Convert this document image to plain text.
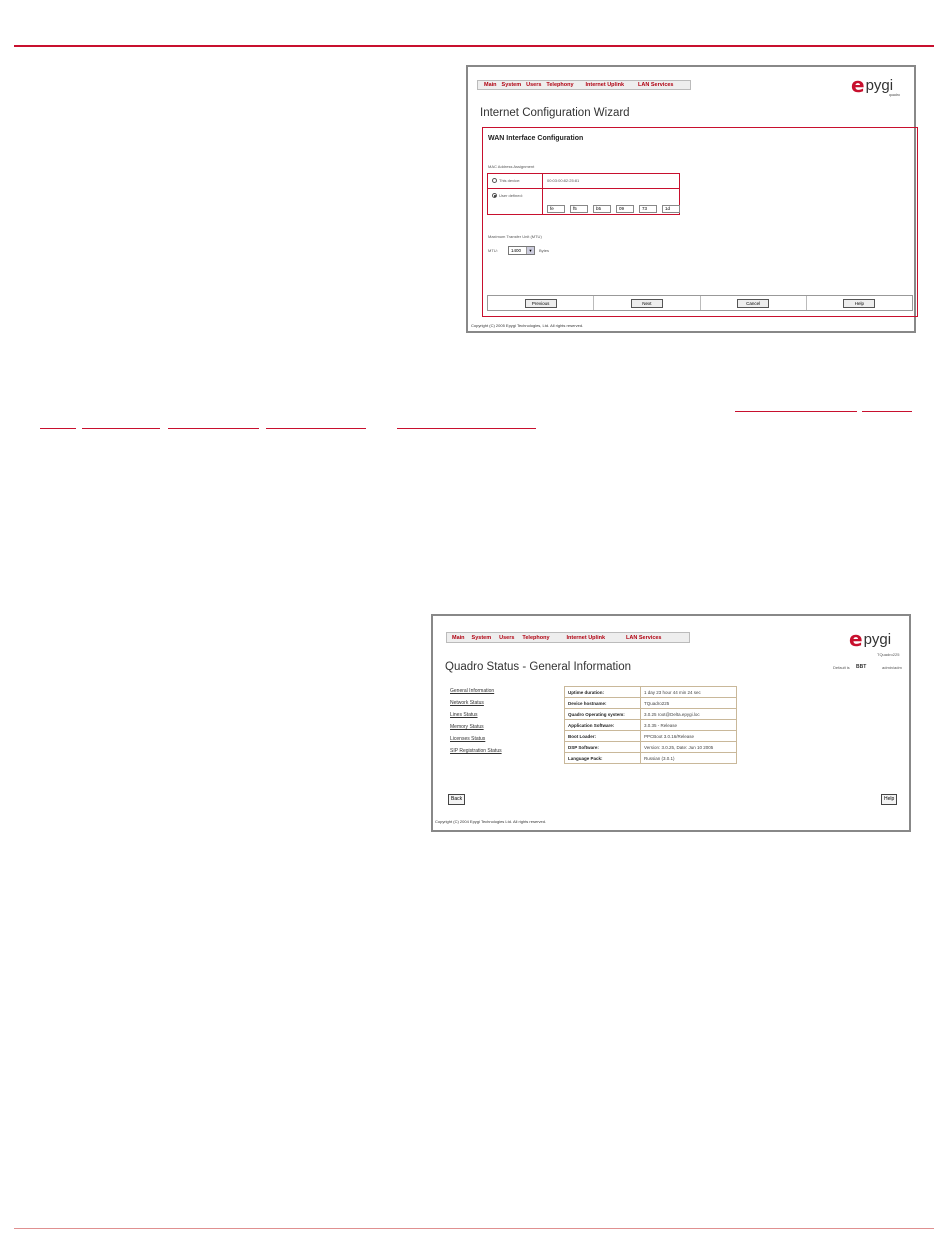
Main System Users Telephony Internet Uplink	LAN Services	e pygi
quadro
Internet Configuration Wizard
WAN Interface Configuration
MAC Address Assignment
This device:	00:03:00:82:25:81
User defined:
fe	f5	b5	09	73	1d
Maximum Transfer Unit (MTU)
MTU:	1400	▼	Bytes
Previous	Next	Cancel	Help
Copyright (C) 2005 Epygi Technologies, Ltd. All rights reserved.
Main System Users Telephony	Internet Uplink	LAN Services	e pygi
TQuadro225
Default is BBT	admin/adm
Quadro Status - General Information
General Information
Network Status
Lines Status
Memory Status
Licenses Status
SIP Registration Status
Uptime duration:	1 day 23 hour 44 min 24 sec
Device hostname:	TQuadro225
Quadro Operating system:	3.0.25 root@Delta.epygi.loc
Application Software:	3.0.35 - Release
Boot Loader:	PPCBoot 3.0.16/Release
DSP Software:	Version: 3.0.25, Date: Jun 10 2005
Language Pack:	Russian (3.0.1)
Back	Help
Copyright (C) 2004 Epygi Technologies Ltd. All rights reserved.
